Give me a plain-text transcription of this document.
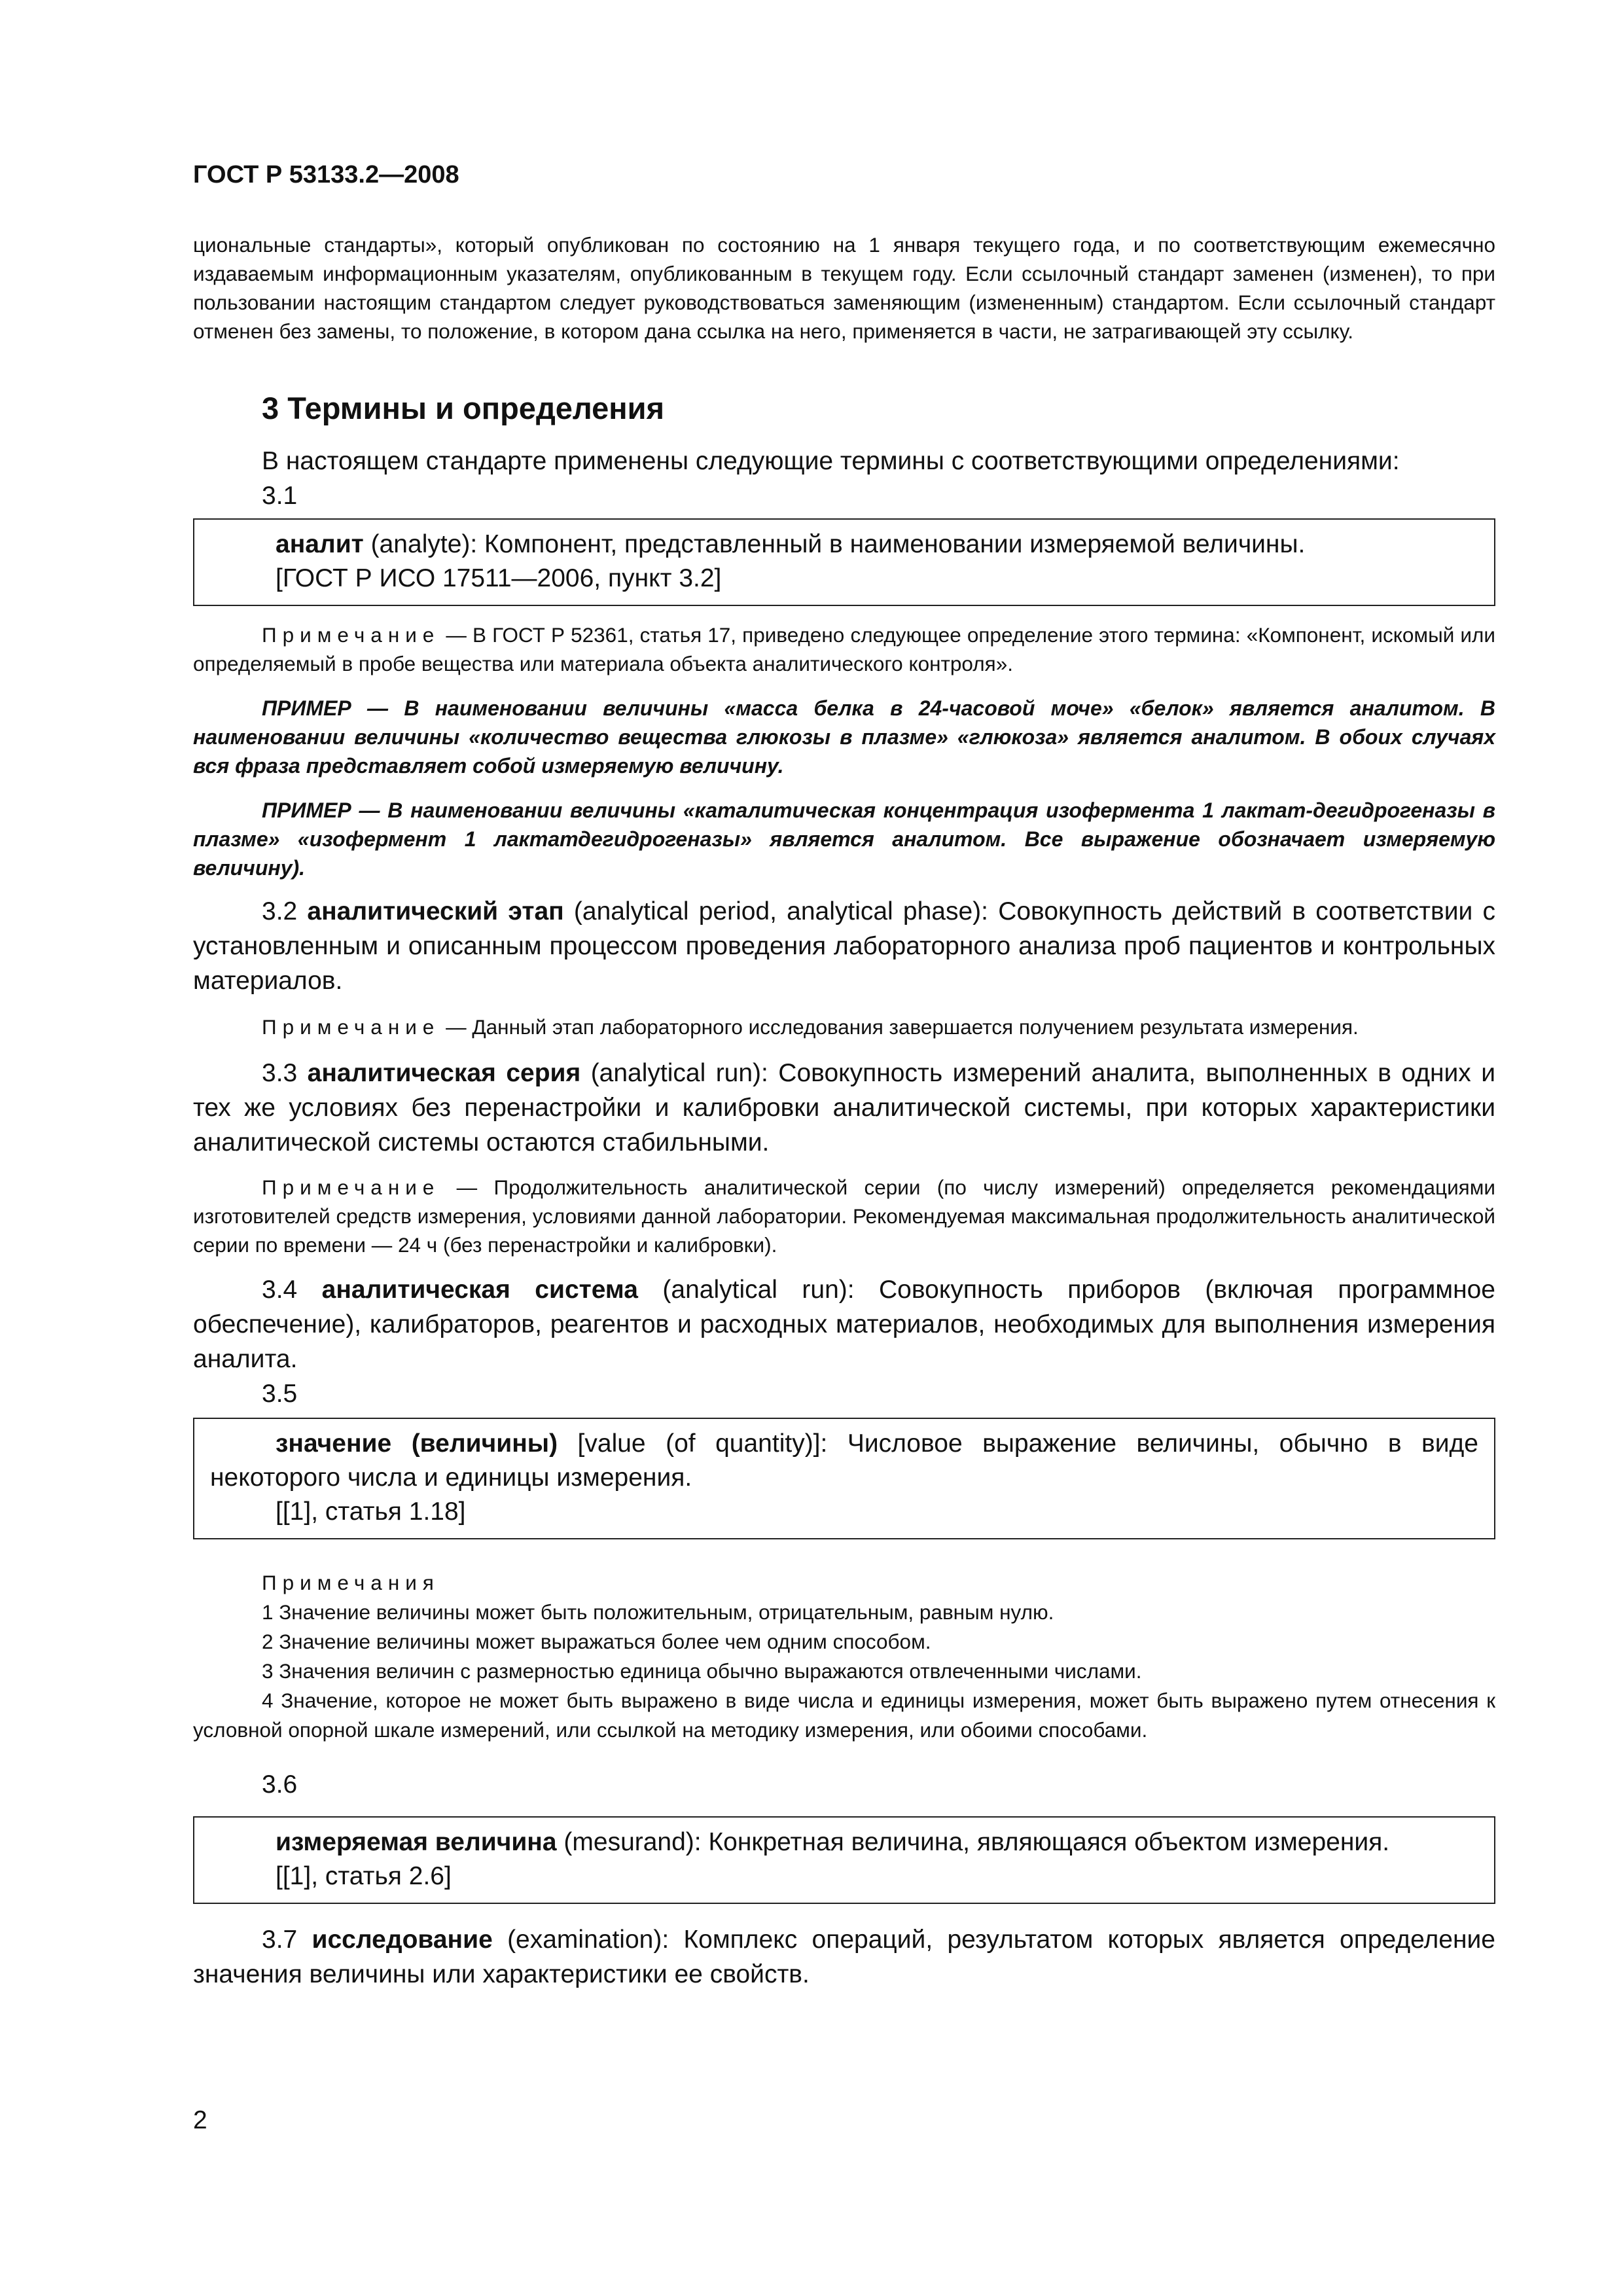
ГОСТ Р 53133.2—2008

циональные стандарты», который опубликован по состоянию на 1 января текущего года, и по соответствующим ежемесячно издаваемым информационным указателям, опубликованным в текущем году. Если ссылочный стандарт заменен (изменен), то при пользовании настоящим стандартом следует руководствоваться заменяющим (измененным) стандартом. Если ссылочный стандарт отменен без замены, то положение, в котором дана ссылка на него, применяется в части, не затрагивающей эту ссылку.

3 Термины и определения

В настоящем стандарте применены следующие термины с соответствующими определениями:

3.1

аналит (analyte): Компонент, представленный в наименовании измеряемой величины.

[ГОСТ Р ИСО 17511—2006, пункт 3.2]

Примечание — В ГОСТ Р 52361, статья 17, приведено следующее определение этого термина: «Компонент, искомый или определяемый в пробе вещества или материала объекта аналитического контроля».

ПРИМЕР — В наименовании величины «масса белка в 24-часовой моче» «белок» является аналитом. В наименовании величины «количество вещества глюкозы в плазме» «глюкоза» является аналитом. В обоих случаях вся фраза представляет собой измеряемую величину.

ПРИМЕР — В наименовании величины «каталитическая концентрация изофермента 1 лактат-дегидрогеназы в плазме» «изофермент 1 лактатдегидрогеназы» является аналитом. Все выражение обозначает измеряемую величину).

3.2 аналитический этап (analytical period, analytical phase): Совокупность действий в соответствии с установленным и описанным процессом проведения лабораторного анализа проб пациентов и контрольных материалов.

Примечание — Данный этап лабораторного исследования завершается получением результата измерения.

3.3 аналитическая серия (analytical run): Совокупность измерений аналита, выполненных в одних и тех же условиях без перенастройки и калибровки аналитической системы, при которых характеристики аналитической системы остаются стабильными.

Примечание — Продолжительность аналитической серии (по числу измерений) определяется рекомендациями изготовителей средств измерения, условиями данной лаборатории. Рекомендуемая максимальная продолжительность аналитической серии по времени — 24 ч (без перенастройки и калибровки).

3.4 аналитическая система (analytical run): Совокупность приборов (включая программное обеспечение), калибраторов, реагентов и расходных материалов, необходимых для выполнения измерения аналита.

3.5

значение (величины) [value (of quantity)]: Числовое выражение величины, обычно в виде некоторого числа и единицы измерения.

[[1], статья 1.18]

Примечания

1 Значение величины может быть положительным, отрицательным, равным нулю.

2 Значение величины может выражаться более чем одним способом.

3 Значения величин с размерностью единица обычно выражаются отвлеченными числами.

4 Значение, которое не может быть выражено в виде числа и единицы измерения, может быть выражено путем отнесения к условной опорной шкале измерений, или ссылкой на методику измерения, или обоими способами.

3.6

измеряемая величина (mesurand): Конкретная величина, являющаяся объектом измерения.

[[1], статья 2.6]

3.7 исследование (examination): Комплекс операций, результатом которых является определение значения величины или характеристики ее свойств.

2
